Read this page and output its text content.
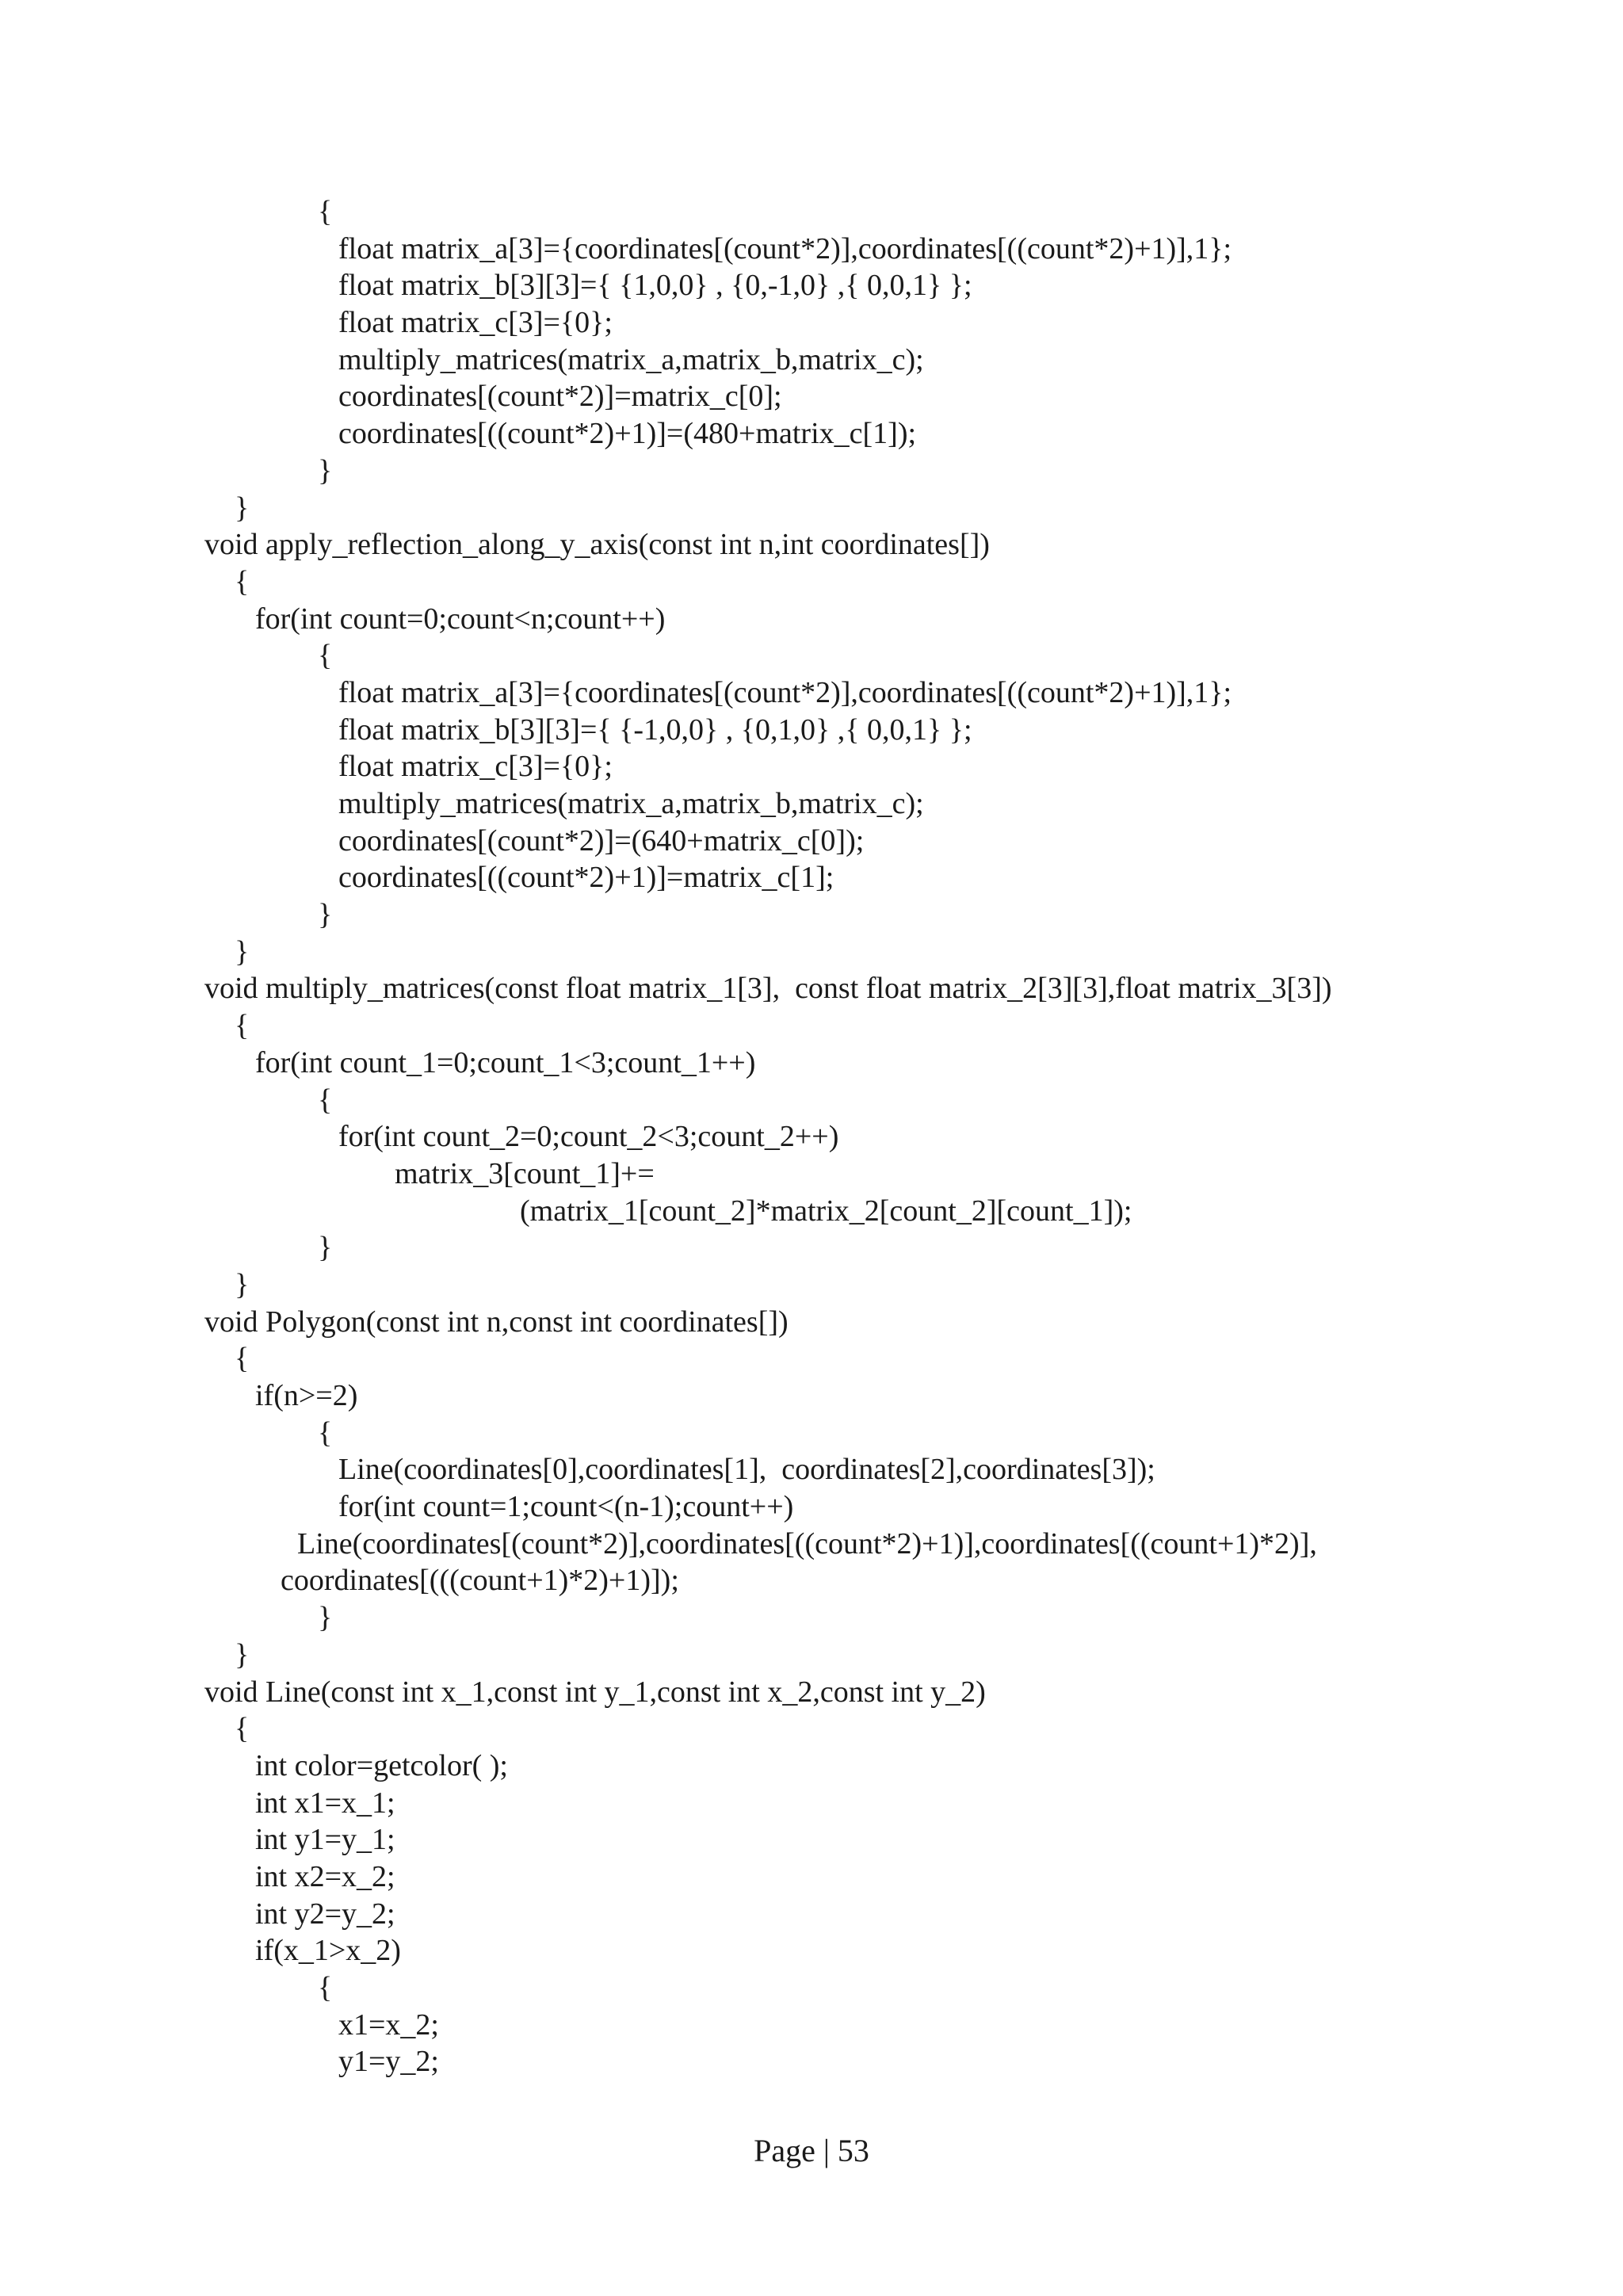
{
float matrix_a[3]={coordinates[(count*2)],coordinates[((count*2)+1)],1};
float matrix_b[3][3]={ {1,0,0} , {0,-1,0} ,{ 0,0,1} };
float matrix_c[3]={0};
multiply_matrices(matrix_a,matrix_b,matrix_c);
coordinates[(count*2)]=matrix_c[0];
coordinates[((count*2)+1)]=(480+matrix_c[1]);
}
}
void apply_reflection_along_y_axis(const int n,int coordinates[])
{
for(int count=0;count<n;count++)
{
float matrix_a[3]={coordinates[(count*2)],coordinates[((count*2)+1)],1};
float matrix_b[3][3]={ {-1,0,0} , {0,1,0} ,{ 0,0,1} };
float matrix_c[3]={0};
multiply_matrices(matrix_a,matrix_b,matrix_c);
coordinates[(count*2)]=(640+matrix_c[0]);
coordinates[((count*2)+1)]=matrix_c[1];
}
}
void multiply_matrices(const float matrix_1[3],  const float matrix_2[3][3],float matrix_3[3])
{
for(int count_1=0;count_1<3;count_1++)
{
for(int count_2=0;count_2<3;count_2++)
matrix_3[count_1]+=
(matrix_1[count_2]*matrix_2[count_2][count_1]);
}
}
void Polygon(const int n,const int coordinates[])
{
if(n>=2)
{
Line(coordinates[0],coordinates[1],  coordinates[2],coordinates[3]);
for(int count=1;count<(n-1);count++)
Line(coordinates[(count*2)],coordinates[((count*2)+1)],coordinates[((count+1)*2)],
coordinates[(((count+1)*2)+1)]);
}
}
void Line(const int x_1,const int y_1,const int x_2,const int y_2)
{
int color=getcolor( );
int x1=x_1;
int y1=y_1;
int x2=x_2;
int y2=y_2;
if(x_1>x_2)
{
x1=x_2;
y1=y_2;
Page | 53
